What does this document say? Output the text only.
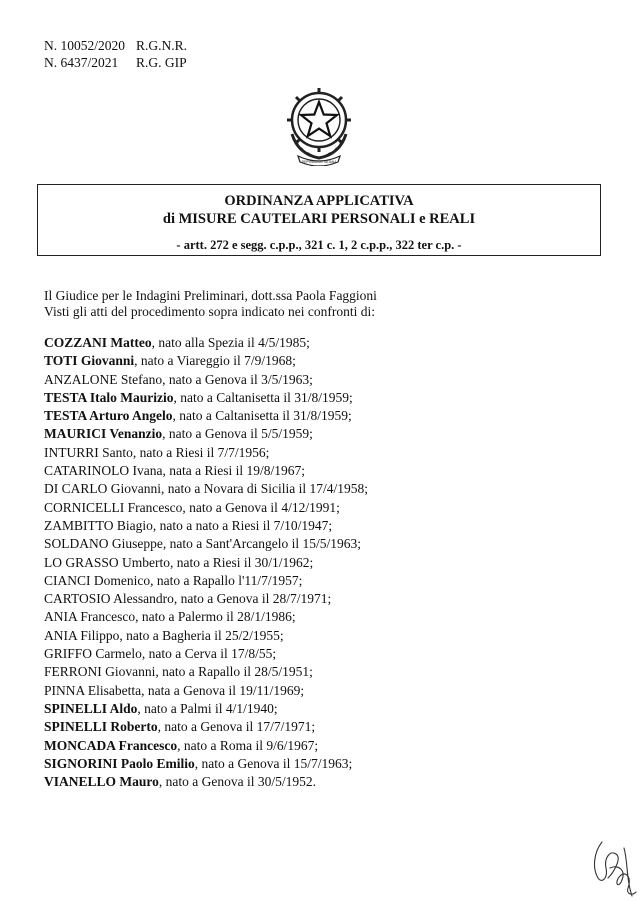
N. 10052/2020 R.G.N.R.
N. 6437/2021	R.G. GIP
REPVBBLICA ITALIANA
ORDINANZA APPLICATIVA
di MISURE CAUTELARI PERSONALI e REALI
- artt. 272 e segg. c.p.p., 321 c. 1, 2 c.p.p., 322 ter c.p. -
Il Giudice per le Indagini Preliminari, dott.ssa Paola Faggioni
Visti gli atti del procedimento sopra indicato nei confronti di:
COZZANI Matteo, nato alla Spezia il 4/5/1985;
TOTI Giovanni, nato a Viareggio il 7/9/1968;
ANZALONE Stefano, nato a Genova il 3/5/1963;
TESTA Italo Maurizio, nato a Caltanisetta il 31/8/1959;
TESTA Arturo Angelo, nato a Caltanisetta il 31/8/1959;
MAURICI Venanzio, nato a Genova il 5/5/1959;
INTURRI Santo, nato a Riesi il 7/7/1956;
CATARINOLO Ivana, nata a Riesi il 19/8/1967;
DI CARLO Giovanni, nato a Novara di Sicilia il 17/4/1958;
CORNICELLI Francesco, nato a Genova il 4/12/1991;
ZAMBITTO Biagio, nato a nato a Riesi il 7/10/1947;
SOLDANO Giuseppe, nato a Sant'Arcangelo il 15/5/1963;
LO GRASSO Umberto, nato a Riesi il 30/1/1962;
CIANCI Domenico, nato a Rapallo l'11/7/1957;
CARTOSIO Alessandro, nato a Genova il 28/7/1971;
ANIA Francesco, nato a Palermo il 28/1/1986;
ANIA Filippo, nato a Bagheria il 25/2/1955;
GRIFFO Carmelo, nato a Cerva il 17/8/55;
FERRONI Giovanni, nato a Rapallo il 28/5/1951;
PINNA Elisabetta, nata a Genova il 19/11/1969;
SPINELLI Aldo, nato a Palmi il 4/1/1940;
SPINELLI Roberto, nato a Genova il 17/7/1971;
MONCADA Francesco, nato a Roma il 9/6/1967;
SIGNORINI Paolo Emilio, nato a Genova il 15/7/1963;
VIANELLO Mauro, nato a Genova il 30/5/1952.
